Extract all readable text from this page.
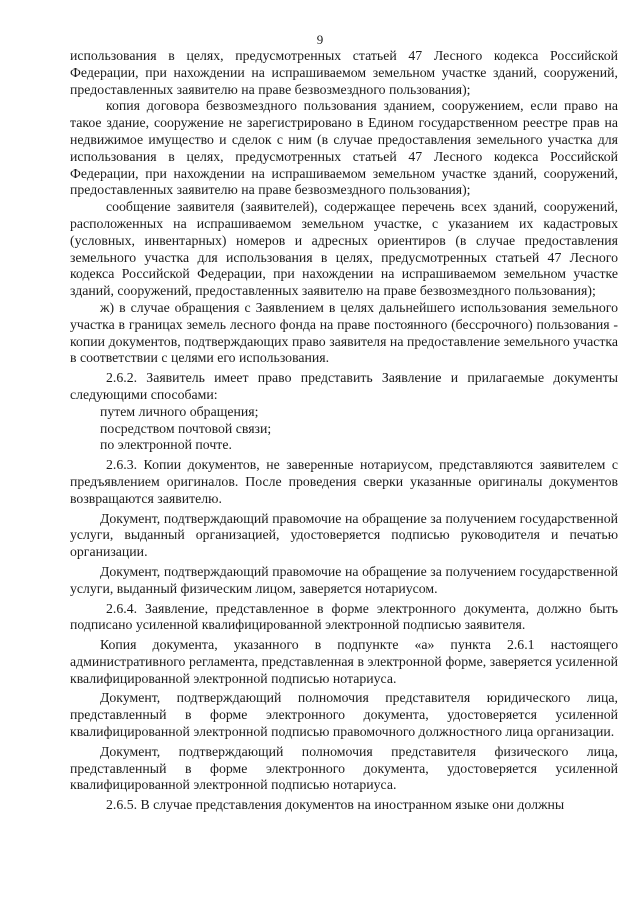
9

использования в целях, предусмотренных статьей 47 Лесного кодекса Российской Федерации, при нахождении на испрашиваемом земельном участке зданий, сооружений, предоставленных заявителю на праве безвозмездного пользования);

копия договора безвозмездного пользования зданием, сооружением, если право на такое здание, сооружение не зарегистрировано в Едином государственном реестре прав на недвижимое имущество и сделок с ним (в случае предоставления земельного участка для использования в целях, предусмотренных статьей 47 Лесного кодекса Российской Федерации, при нахождении на испрашиваемом земельном участке зданий, сооружений, предоставленных заявителю на праве безвозмездного пользования);

сообщение заявителя (заявителей), содержащее перечень всех зданий, сооружений, расположенных на испрашиваемом земельном участке, с указанием их кадастровых (условных, инвентарных) номеров и адресных ориентиров (в случае предоставления земельного участка для использования в целях, предусмотренных статьей 47 Лесного кодекса Российской Федерации, при нахождении на испрашиваемом земельном участке зданий, сооружений, предоставленных заявителю на праве безвозмездного пользования);

ж) в случае обращения с Заявлением в целях дальнейшего использования земельного участка в границах земель лесного фонда на праве постоянного (бессрочного) пользования - копии документов, подтверждающих право заявителя на предоставление земельного участка в соответствии с целями его использования.

2.6.2. Заявитель имеет право представить Заявление и прилагаемые документы следующими способами:

путем личного обращения;

посредством почтовой связи;

по электронной почте.

2.6.3. Копии документов, не заверенные нотариусом, представляются заявителем с предъявлением оригиналов. После проведения сверки указанные оригиналы документов возвращаются заявителю.

Документ, подтверждающий правомочие на обращение за получением государственной услуги, выданный организацией, удостоверяется подписью руководителя и печатью организации.

Документ, подтверждающий правомочие на обращение за получением государственной услуги, выданный физическим лицом, заверяется нотариусом.

2.6.4. Заявление, представленное в форме электронного документа, должно быть подписано усиленной квалифицированной электронной подписью заявителя.

Копия документа, указанного в подпункте «а» пункта 2.6.1 настоящего административного регламента, представленная в электронной форме, заверяется усиленной квалифицированной электронной подписью нотариуса.

Документ, подтверждающий полномочия представителя юридического лица, представленный в форме электронного документа, удостоверяется усиленной квалифицированной электронной подписью правомочного должностного лица организации.

Документ, подтверждающий полномочия представителя физического лица, представленный в форме электронного документа, удостоверяется усиленной квалифицированной электронной подписью нотариуса.

2.6.5. В случае представления документов на иностранном языке они должны
